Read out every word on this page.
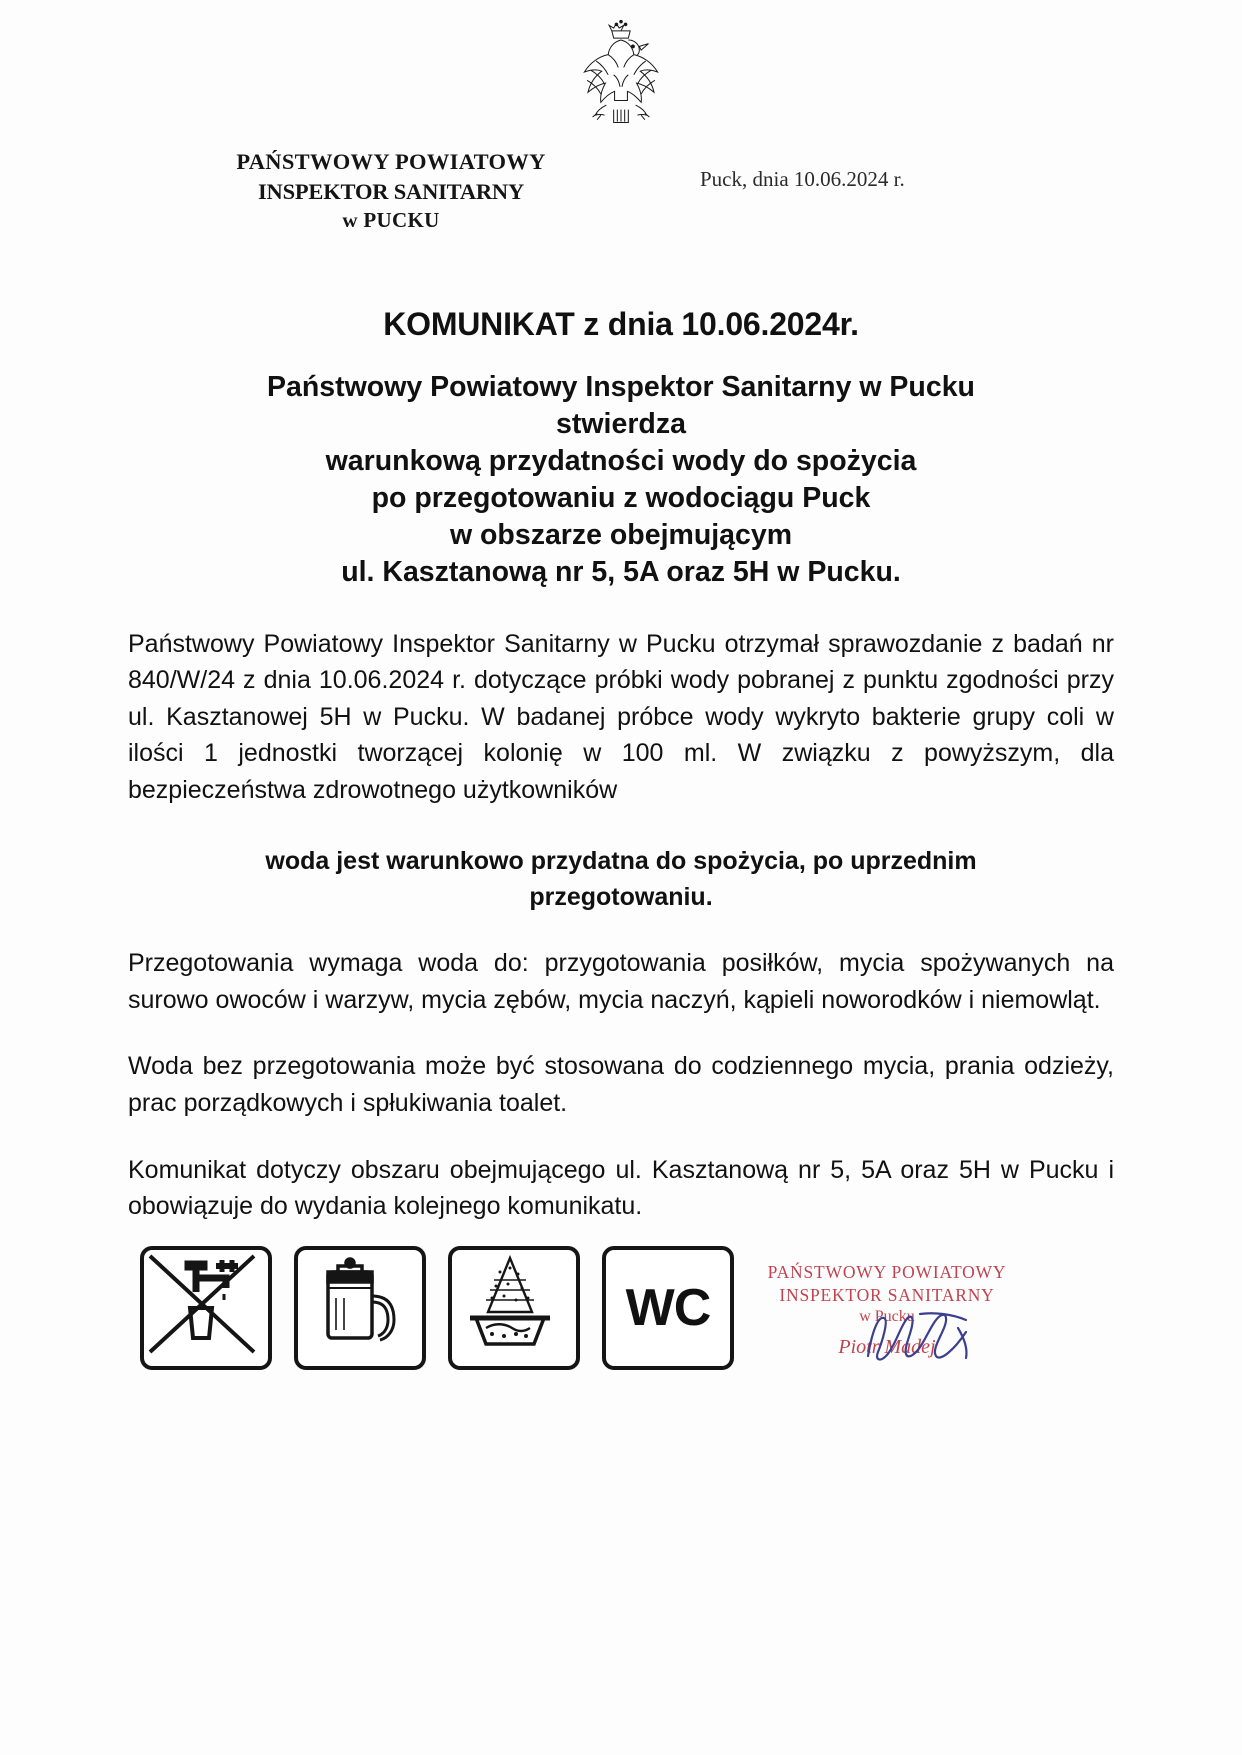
PAŃSTWOWY POWIATOWY
INSPEKTOR SANITARNY
w PUCKU
Puck, dnia 10.06.2024 r.
KOMUNIKAT z dnia 10.06.2024r.
Państwowy Powiatowy Inspektor Sanitarny w Pucku
stwierdza
warunkową przydatności wody do spożycia
po przegotowaniu z wodociągu Puck
w obszarze obejmującym
ul. Kasztanową nr 5, 5A oraz 5H w Pucku.
Państwowy Powiatowy Inspektor Sanitarny w Pucku otrzymał sprawozdanie z badań nr 840/W/24 z dnia 10.06.2024 r. dotyczące próbki wody pobranej z punktu zgodności przy ul. Kasztanowej 5H w Pucku. W badanej próbce wody wykryto bakterie grupy coli w ilości 1 jednostki tworzącej kolonię w 100 ml. W związku z powyższym, dla bezpieczeństwa zdrowotnego użytkowników
woda jest warunkowo przydatna do spożycia, po uprzednim
przegotowaniu.
Przegotowania wymaga woda do: przygotowania posiłków, mycia spożywanych na surowo owoców i warzyw, mycia zębów, mycia naczyń, kąpieli noworodków i niemowląt.
Woda bez przegotowania może być stosowana do codziennego mycia, prania odzieży, prac porządkowych i spłukiwania toalet.
Komunikat dotyczy obszaru obejmującego ul. Kasztanową nr 5, 5A oraz 5H w Pucku i obowiązuje do wydania kolejnego komunikatu.
WC
PAŃSTWOWY POWIATOWY
INSPEKTOR SANITARNY
w Pucku
Piotr Madej
